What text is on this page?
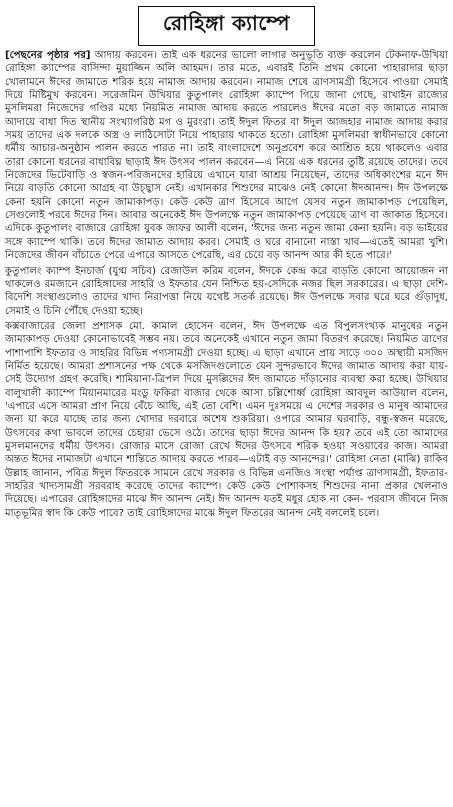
রোহিঙ্গা ক্যাম্পে

[পেছনের পৃষ্ঠার পর] আদায় করবেন। তাই এক ধরনের ভালো লাগার অনুভূতি ব্যক্ত করলেন টেকনাফ-উখিয়া রোহিঙ্গা ক্যাম্পের বাসিন্দা মুয়াজ্জিন অলি আহমদ। তার মতে, এবারই তিনি প্রথম কোনো পাহারাদার ছাড়া খোলামনে ঈদের জামাতে শরিক হয়ে নামাজ আদায় করবেন। নামাজ শেষে ত্রাণসামগ্রী হিসেবে পাওয়া সেমাই দিয়ে মিষ্টিমুখ করবেন। সরেজমিন উখিয়ার কুতুপালং রোহিঙ্গা ক্যাম্পে গিয়ে জানা গেছে, রাখাইন রাজ্যের মুসলিমরা নিজেদের গণ্ডির মধ্যে নিয়মিত নামাজ আদায় করতে পারলেও ঈদের মতো বড় জামাতে নামাজ আদায়ে বাধা দিত স্থানীয় সংখ্যাগরিষ্ঠ মগ ও মুরংরা। তাই ঈদুল ফিতর বা ঈদুল আজহার নামাজ আদায় করার সময় তাদের এক দলকে অস্ত্র ও লাঠিসোটা নিয়ে পাহারায় থাকতে হতো। রোহিঙ্গা মুসলিমরা স্বাধীনভাবে কোনো ধর্মীয় আচার-অনুষ্ঠান পালন করতে পারত না। তাই বাংলাদেশে অনুপ্রবেশ করে আশ্রিত হয়ে থাকলেও এবার তারা কোনো ধরনের বাধাবিঘ্ন ছাড়াই ঈদ উৎসব পালন করবেন—এ নিয়ে এক ধরনের তুষ্টি রয়েছে তাদের। তবে নিজেদের ভিটেবাড়ি ও স্বজন-পরিজনদের হারিয়ে এখানে যারা আশ্রয় নিয়েছেন, তাদের অধিকাংশের মনে ঈদ নিয়ে বাড়তি কোনো আগ্রহ বা উচ্ছ্বাস নেই। এখানকার শিশুদের মাঝেও নেই কোনো ঈদআনন্দ। ঈদ উপলক্ষে কেনা হয়নি কোনো নতুন জামাকাপড়। কেউ কেউ ত্রাণ হিসেবে আগে যেসব নতুন জামাকাপড় পেয়েছিল, সেগুলোই পরবে ঈদের দিন। আবার অনেকেই ঈদ উপলক্ষে নতুন জামাকাপড় পেয়েছে ত্রাণ বা জাকাত হিসেবে। এদিকে কুতুপালং বাজারে রোহিঙ্গা যুবক জাফর আলী বলেন, 'ঈদের জন্য নতুন জামা কেনা হয়নি। বড় ভাইয়ের সঙ্গে ক্যাম্পে থাকি। তবে ঈদের জামাত আদায় করব। সেমাই ও ঘরে বানানো নাস্তা খাব—এতেই আমরা খুশি। নিজেদের জীবন বাঁচাতে পেরে এপারে আসতে পেরেছি, এর চেয়ে বড় আনন্দ আর কী হতে পারে।'

কুতুপালং ক্যাম্প ইনচার্জ (যুগ্ম সচিব) রেজাউল করিম বলেন, ঈদকে কেন্দ্র করে বাড়তি কোনো আয়োজন না থাকলেও রমজানে রোহিঙ্গাদের সাহরি ও ইফতার যেন নিশ্চিত হয়-সেদিকে নজর ছিল সরকারের। এ ছাড়া দেশি-বিদেশি সংস্থাগুলোও তাদের খাদ্য নিরাপত্তা নিয়ে যথেষ্ট সতর্ক রয়েছে। ঈদ উপলক্ষে সবার ঘরে ঘরে গুঁড়াদুধ, সেমাই ও চিনি পৌঁছে দেওয়া হচ্ছে।

কক্সবাজারের জেলা প্রশাসক মো. কামাল হোসেন বলেন, ঈদ উপলক্ষে এত বিপুলসংখ্যক মানুষের নতুন জামাকাপড় দেওয়া কোনোভাবেই সম্ভব নয়। তবে অনেকেই এখানে নতুন জামা বিতরণ করেছে। নিয়মিত ত্রাণের পাশাপাশি ইফতার ও সাহরির বিভিন্ন পণ্যসামগ্রী দেওয়া হচ্ছে। এ ছাড়া এখানে প্রায় সাড়ে ৩০০ অস্থায়ী মসজিদ নির্মিত হয়েছে। আমরা প্রশাসনের পক্ষ থেকে মসজিদগুলোতে যেন সুন্দরভাবে ঈদের জামাত আদায় করা যায়-সেই উদ্যোগ গ্রহণ করেছি। শামিয়ানা-ত্রিপল দিয়ে মুসল্লিদের ঈদ জামাতে দাঁড়ানোর ব্যবস্থা করা হচ্ছে। উখিয়ার বালুখালী ক্যাম্পে মিয়ানমারের মংডু ফকিরা বাজার থেকে আসা চল্লিশোর্ধ্ব রোহিঙ্গা আবদুল আউয়াল বলেন, 'এপারে এসে আমরা প্রাণ নিয়ে বেঁচে আছি, এই তো বেশি। এমন দুঃসময়ে এ দেশের সরকার ও মানুষ আমাদের জন্য যা করে যাচ্ছে তার জন্য খোদার দরবারে অশেষ শুকরিয়া। ওপারে আমার ঘরবাড়ি, বন্ধু-স্বজন মরেছে, উৎসবের কথা ভাবলে তাদের চেহারা ভেসে ওঠে। তাদের ছাড়া ঈদের আনন্দ কি হয়? তবে এই তো আমাদের মুসলমানদের ধর্মীয় উৎসব। রোজার মাসে রোজা রেখে ঈদের উৎসবে শরিক হওয়া সওয়াবের কাজ। আমরা অন্তত ঈদের নামাজটা এখানে শান্তিতে আদায় করতে পারব—এটাই বড় আনন্দের।' রোহিঙ্গা নেতা (মাঝি) রাকিব উল্লাহ জানান, পবিত্র ঈদুল ফিতরকে সামনে রেখে সরকার ও বিভিন্ন এনজিও সংস্থা পর্যাপ্ত ত্রাণসামগ্রী, ইফতার-সাহরির খাদ্যসামগ্রী সরবরাহ করেছে তাদের ক্যাম্পে। কেউ কেউ পোশাকসহ শিশুদের নানা প্রকার খেলনাও দিয়েছে। এপারের রোহিঙ্গাদের মাঝে ঈদ আনন্দ নেই। ঈদ আনন্দ যতই মধুর হোক না কেন- পরবাস জীবনে নিজ মাতৃভূমির স্বাদ কি কেউ পাবে? তাই রোহিঙ্গাদের মাঝে ঈদুল ফিতরের আনন্দ নেই বললেই চলে।
